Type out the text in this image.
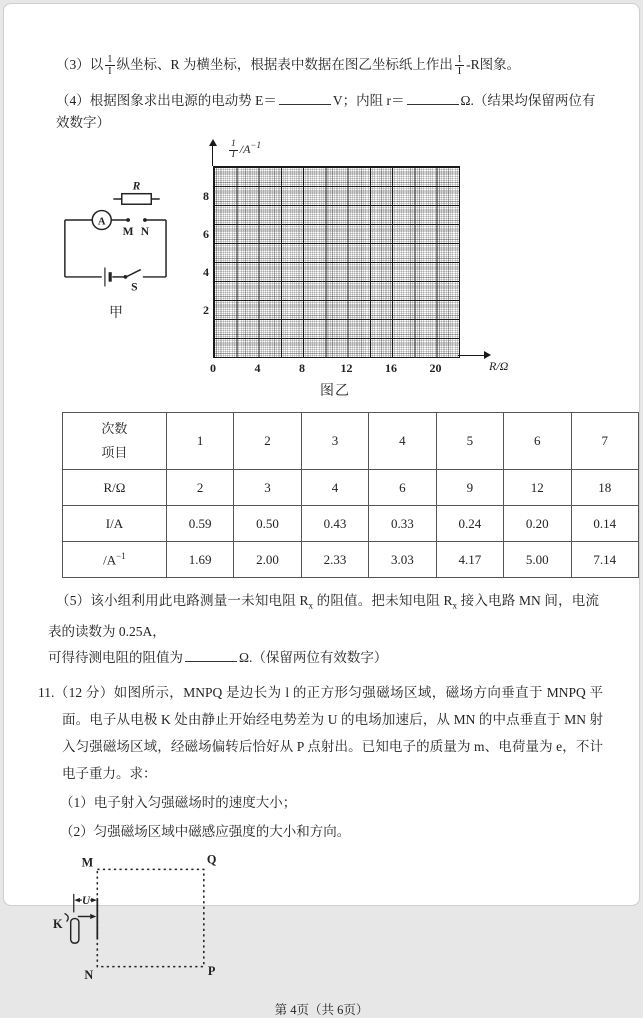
（3）以 $\frac{1}{I}$ 纵坐标、R 为横坐标，根据表中数据在图乙坐标纸上作出 $\frac{1}{I} -R$图象。
（4）根据图象求出电源的电动势 E＝	V；内阻 r＝	Ω.（结果均保留两位有效数字）
R
A
M N
S
甲
$\frac{1}{I} /A^{-1}$
8
6
4
2
0	4	8	12	16	20	R/Ω
图乙
次数
项目	1	2	3	4	5	6	7
R/Ω	2	3	4	6	9	12	18
I/A	0.59	0.50	0.43	0.33	0.24	0.20	0.14
$/A^{-1}$	1.69	2.00	2.33	3.03	4.17	5.00	7.14
（5）该小组利用此电路测量一未知电阻 $R_x$ 的阻值。把未知电阻 $R_x$ 接入电路 MN 间，电流表的读数为 0.25A，
可得待测电阻的阻值为	Ω.（保留两位有效数字）
11.（12 分）如图所示，MNPQ 是边长为 l 的正方形匀强磁场区域，磁场方向垂直于 MNPQ 平面。电子从电极 K 处由静止开始经电势差为 U 的电场加速后，从 MN 的中点垂直于 MN 射入匀强磁场区域，经磁场偏转后恰好从 P 点射出。已知电子的质量为 m、电荷量为 e，不计电子重力。求：
（1）电子射入匀强磁场时的速度大小；
（2）匀强磁场区域中磁感应强度的大小和方向。
M	Q
N	P
K
U
第 4页（共 6页）
